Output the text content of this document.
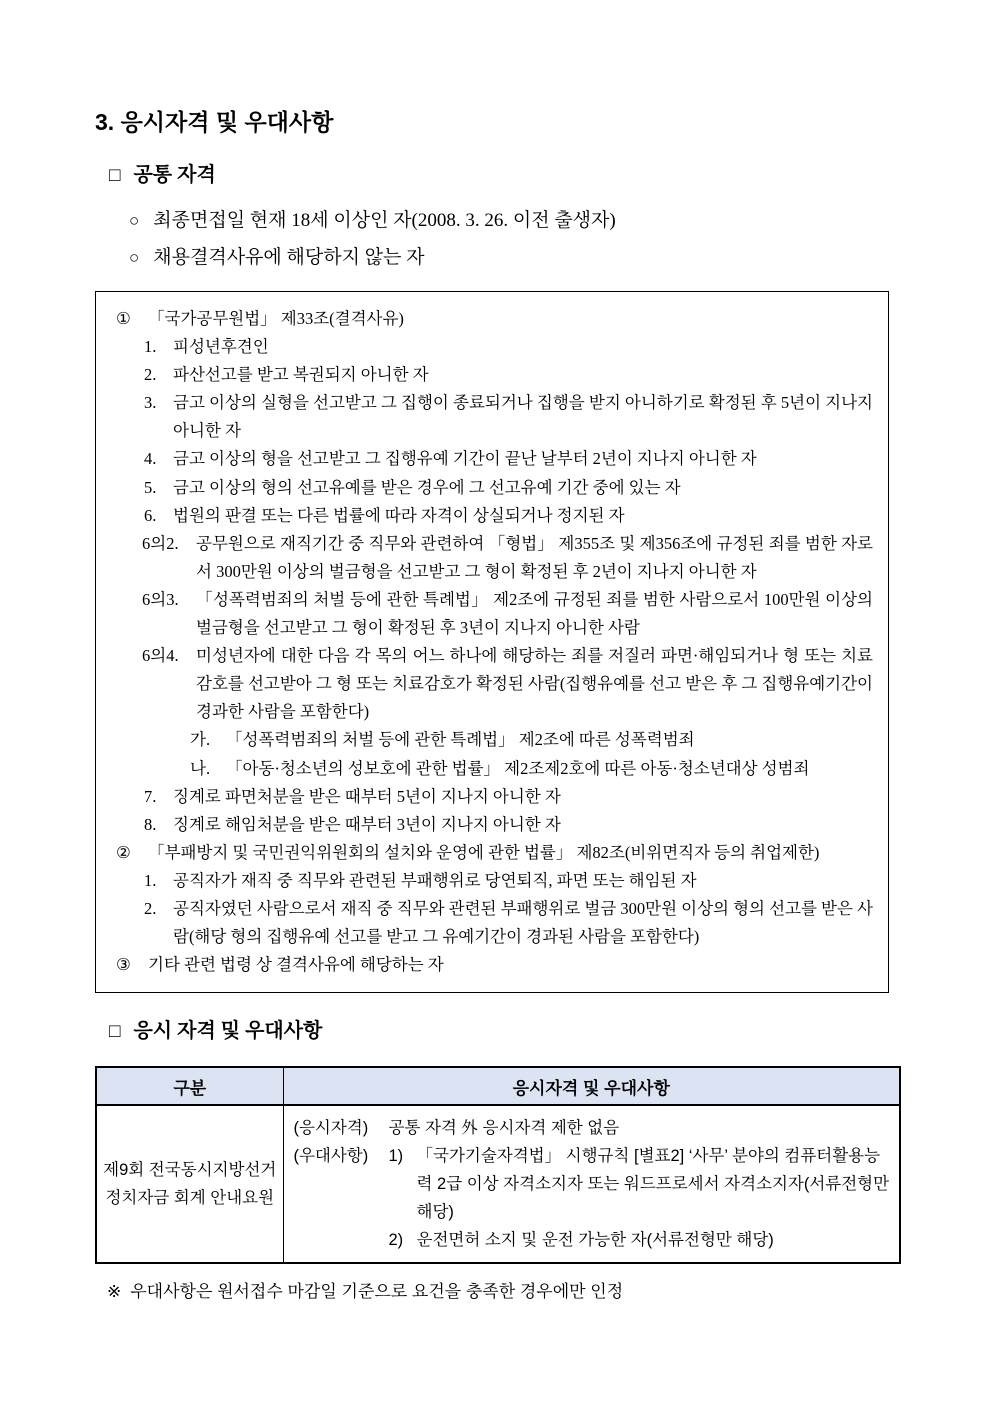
3. 응시자격 및 우대사항
□ 공통 자격
○ 최종면접일 현재 18세 이상인 자(2008. 3. 26. 이전 출생자)
○ 채용결격사유에 해당하지 않는 자
①	「국가공무원법」 제33조(결격사유)
1.	피성년후견인
2.	파산선고를 받고 복권되지 아니한 자
3.	금고 이상의 실형을 선고받고 그 집행이 종료되거나 집행을 받지 아니하기로 확정된 후 5년이 지나지 아니한 자
4.	금고 이상의 형을 선고받고 그 집행유예 기간이 끝난 날부터 2년이 지나지 아니한 자
5.	금고 이상의 형의 선고유예를 받은 경우에 그 선고유예 기간 중에 있는 자
6.	법원의 판결 또는 다른 법률에 따라 자격이 상실되거나 정지된 자
6의2.	공무원으로 재직기간 중 직무와 관련하여 「형법」 제355조 및 제356조에 규정된 죄를 범한 자로서 300만원 이상의 벌금형을 선고받고 그 형이 확정된 후 2년이 지나지 아니한 자
6의3.	「성폭력범죄의 처벌 등에 관한 특례법」 제2조에 규정된 죄를 범한 사람으로서 100만원 이상의 벌금형을 선고받고 그 형이 확정된 후 3년이 지나지 아니한 사람
6의4.	미성년자에 대한 다음 각 목의 어느 하나에 해당하는 죄를 저질러 파면·해임되거나 형 또는 치료 감호를 선고받아 그 형 또는 치료감호가 확정된 사람(집행유예를 선고 받은 후 그 집행유예기간이 경과한 사람을 포함한다)
가. 「성폭력범죄의 처벌 등에 관한 특례법」 제2조에 따른 성폭력범죄
나. 「아동·청소년의 성보호에 관한 법률」 제2조제2호에 따른 아동·청소년대상 성범죄
7.	징계로 파면처분을 받은 때부터 5년이 지나지 아니한 자
8.	징계로 해임처분을 받은 때부터 3년이 지나지 아니한 자
②	「부패방지 및 국민권익위원회의 설치와 운영에 관한 법률」 제82조(비위면직자 등의 취업제한)
1.	공직자가 재직 중 직무와 관련된 부패행위로 당연퇴직, 파면 또는 해임된 자
2.	공직자였던 사람으로서 재직 중 직무와 관련된 부패행위로 벌금 300만원 이상의 형의 선고를 받은 사람(해당 형의 집행유예 선고를 받고 그 유예기간이 경과된 사람을 포함한다)
③	기타 관련 법령 상 결격사유에 해당하는 자
□ 응시 자격 및 우대사항
구분	응시자격 및 우대사항

제9회 전국동시지방선거
정치자금 회계 안내요원

(응시자격)	공통 자격 外 응시자격 제한 없음
(우대사항)	1) 「국가기술자격법」 시행규칙 [별표2] ‘사무’ 분야의 컴퓨터활용능력 2급 이상 자격소지자 또는 워드프로세서 자격소지자(서류전형만 해당)
2) 운전면허 소지 및 운전 가능한 자(서류전형만 해당)
※ 우대사항은 원서접수 마감일 기준으로 요건을 충족한 경우에만 인정
